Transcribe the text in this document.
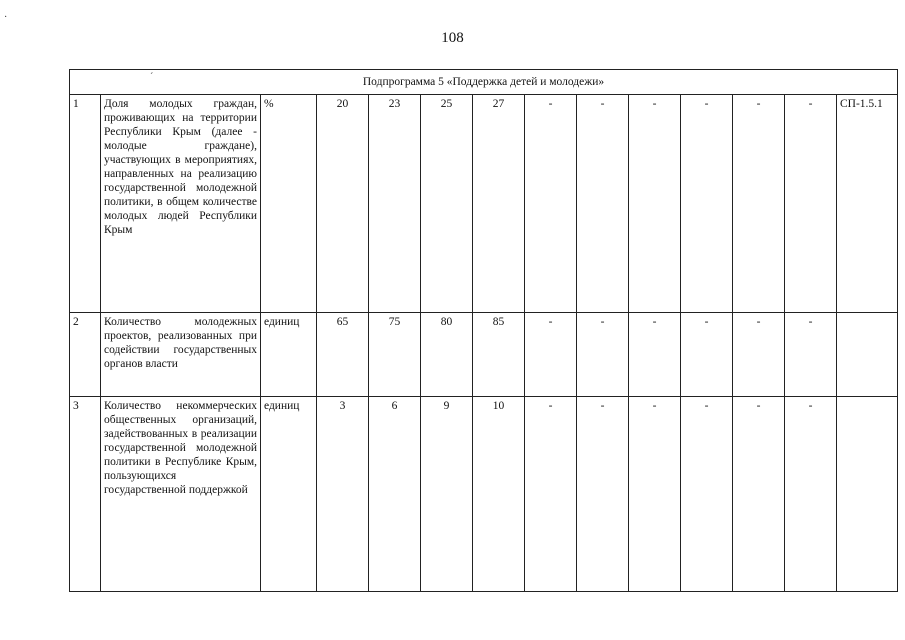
108
Подпрограмма 5 «Поддержка детей и молодежи»													
1	Доля молодых граждан, проживающих на территории Республики Крым (далее - молодые граждане), участвующих в мероприятиях, направленных на реализацию государственной молодежной политики, в общем количестве молодых людей Республики Крым	%	20	23	25	27	-	-	-	-	-	-	СП-1.5.1
2	Количество молодежных проектов, реализованных при содействии государственных органов власти	единиц	65	75	80	85	-	-	-	-	-	-	
3	Количество некоммерческих общественных организаций, задействованных в реализации государственной молодежной политики в Республике Крым, пользующихся государственной поддержкой	единиц	3	6	9	10	-	-	-	-	-	-	
´
·
